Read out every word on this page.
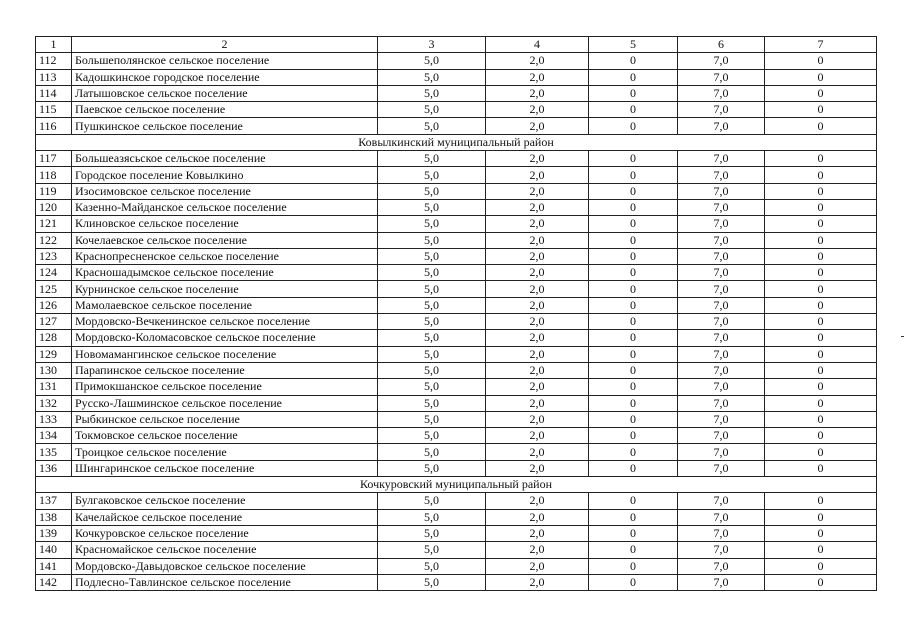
1	2	3	4	5	6	7
112	Большеполянское сельское поселение	5,0	2,0	0	7,0	0
113	Кадошкинское городское поселение	5,0	2,0	0	7,0	0
114	Латышовское сельское поселение	5,0	2,0	0	7,0	0
115	Паевское сельское поселение	5,0	2,0	0	7,0	0
116	Пушкинское сельское поселение	5,0	2,0	0	7,0	0
Ковылкинский муниципальный район						
117	Большеазясьское сельское поселение	5,0	2,0	0	7,0	0
118	Городское поселение Ковылкино	5,0	2,0	0	7,0	0
119	Изосимовское сельское поселение	5,0	2,0	0	7,0	0
120	Казенно-Майданское сельское поселение	5,0	2,0	0	7,0	0
121	Клиновское сельское поселение	5,0	2,0	0	7,0	0
122	Кочелаевское сельское поселение	5,0	2,0	0	7,0	0
123	Краснопресненское сельское поселение	5,0	2,0	0	7,0	0
124	Красношадымское сельское поселение	5,0	2,0	0	7,0	0
125	Курнинское сельское поселение	5,0	2,0	0	7,0	0
126	Мамолаевское сельское поселение	5,0	2,0	0	7,0	0
127	Мордовско-Вечкенинское сельское поселение	5,0	2,0	0	7,0	0
128	Мордовско-Коломасовское сельское поселение	5,0	2,0	0	7,0	0
129	Новомамангинское сельское поселение	5,0	2,0	0	7,0	0
130	Парапинское сельское поселение	5,0	2,0	0	7,0	0
131	Примокшанское сельское поселение	5,0	2,0	0	7,0	0
132	Русско-Лашминское сельское поселение	5,0	2,0	0	7,0	0
133	Рыбкинское сельское поселение	5,0	2,0	0	7,0	0
134	Токмовское сельское поселение	5,0	2,0	0	7,0	0
135	Троицкое сельское поселение	5,0	2,0	0	7,0	0
136	Шингаринское сельское поселение	5,0	2,0	0	7,0	0
Кочкуровский муниципальный район						
137	Булгаковское сельское поселение	5,0	2,0	0	7,0	0
138	Качелайское сельское поселение	5,0	2,0	0	7,0	0
139	Кочкуровское сельское поселение	5,0	2,0	0	7,0	0
140	Красномайское сельское поселение	5,0	2,0	0	7,0	0
141	Мордовско-Давыдовское сельское поселение	5,0	2,0	0	7,0	0
142	Подлесно-Тавлинское сельское поселение	5,0	2,0	0	7,0	0
